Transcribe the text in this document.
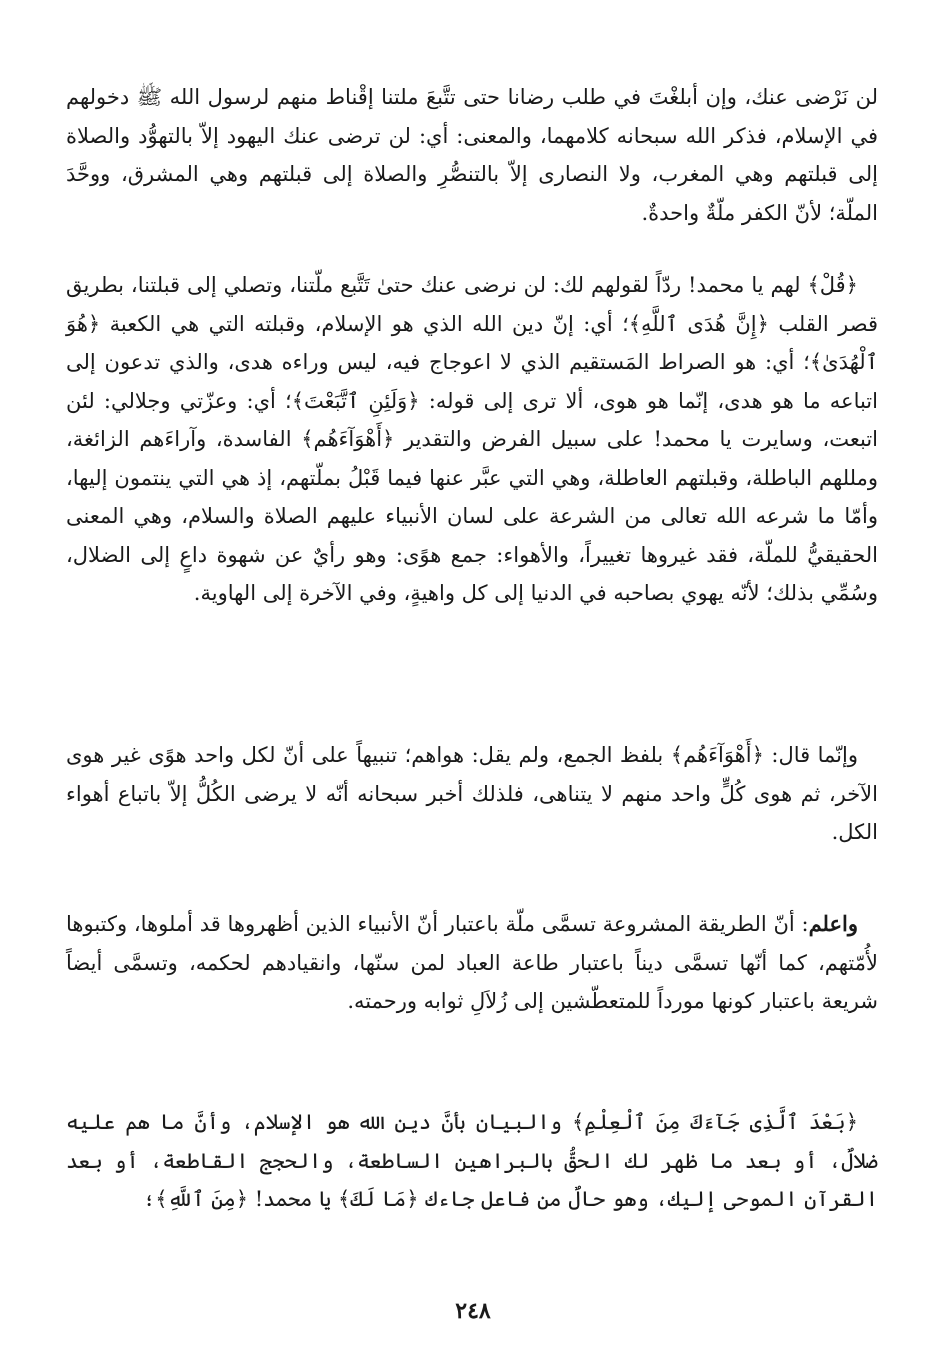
لن نَرْضى عنك، وإن أبلغْتَ في طلب رضانا حتى تتَّبعَ ملتنا إقْناط منهم لرسول الله ﷺ دخولهم في الإسلام، فذكر الله سبحانه كلامهما، والمعنى: أي: لن ترضى عنك اليهود إلاّ بالتهوُّد والصلاة إلى قبلتهم وهي المغرب، ولا النصارى إلاّ بالتنصُّرِ والصلاة إلى قبلتهم وهي المشرق، ووحَّدَ الملّة؛ لأنّ الكفر ملّةٌ واحدةٌ.

﴿قُلْ﴾ لهم يا محمد! ردّاً لقولهم لك: لن نرضى عنك حتىٰ تَتَّبع ملّتنا، وتصلي إلى قبلتنا، بطريق قصر القلب ﴿إِنَّ هُدَى ٱللَّهِ﴾؛ أي: إنّ دين الله الذي هو الإسلام، وقبلته التي هي الكعبة ﴿هُوَ ٱلْهُدَىٰ﴾؛ أي: هو الصراط المَستقيم الذي لا اعوجاج فيه، ليس وراءه هدى، والذي تدعون إلى اتباعه ما هو هدى، إنّما هو هوى، ألا ترى إلى قوله: ﴿وَلَئِنِ ٱتَّبَعْتَ﴾؛ أي: وعزّتي وجلالي: لئن اتبعت، وسايرت يا محمد! على سبيل الفرض والتقدير ﴿أَهْوَآءَهُم﴾ الفاسدة، وآراءَهم الزائغة، ومللهم الباطلة، وقبلتهم العاطلة، وهي التي عبَّر عنها فيما قَبْلُ بملّتهم، إذ هي التي ينتمون إليها، وأمّا ما شرعه الله تعالى من الشرعة على لسان الأنبياء عليهم الصلاة والسلام، وهي المعنى الحقيقيُّ للملّة، فقد غيروها تغييراً، والأهواء: جمع هوًى: وهو رأيٌ عن شهوة داعٍ إلى الضلال، وسُمِّي بذلك؛ لأنّه يهوي بصاحبه في الدنيا إلى كل واهيةٍ، وفي الآخرة إلى الهاوية.

وإنّما قال: ﴿أَهْوَآءَهُم﴾ بلفظ الجمع، ولم يقل: هواهم؛ تنبيهاً على أنّ لكل واحد هوًى غير هوى الآخر، ثم هوى كُلٍّ واحد منهم لا يتناهى، فلذلك أخبر سبحانه أنّه لا يرضى الكُلُّ إلاّ باتباع أهواء الكل.

واعلم: أنّ الطريقة المشروعة تسمَّى ملّة باعتبار أنّ الأنبياء الذين أظهروها قد أملوها، وكتبوها لأُمّتهم، كما أنّها تسمَّى ديناً باعتبار طاعة العباد لمن سنّها، وانقيادهم لحكمه، وتسمَّى أيضاً شريعة باعتبار كونها مورداً للمتعطّشين إلى زُلاَلِ ثوابه ورحمته.

﴿بَعْدَ ٱلَّذِى جَآءَكَ مِنَ ٱلْعِلْمِ﴾ والبيان بأنَّ دين الله هو الإسلام، وأنَّ ما هم عليه ضلالٌ، أو بعد ما ظهر لك الحقُّ بالبراهين الساطعة، والحجج القاطعة، أو بعد القرآن الموحى إليك، وهو حالٌ من فاعل جاءك ﴿مَا لَكَ﴾ يا محمد! ﴿مِنَ ٱللَّهِ﴾؛

٢٤٨
